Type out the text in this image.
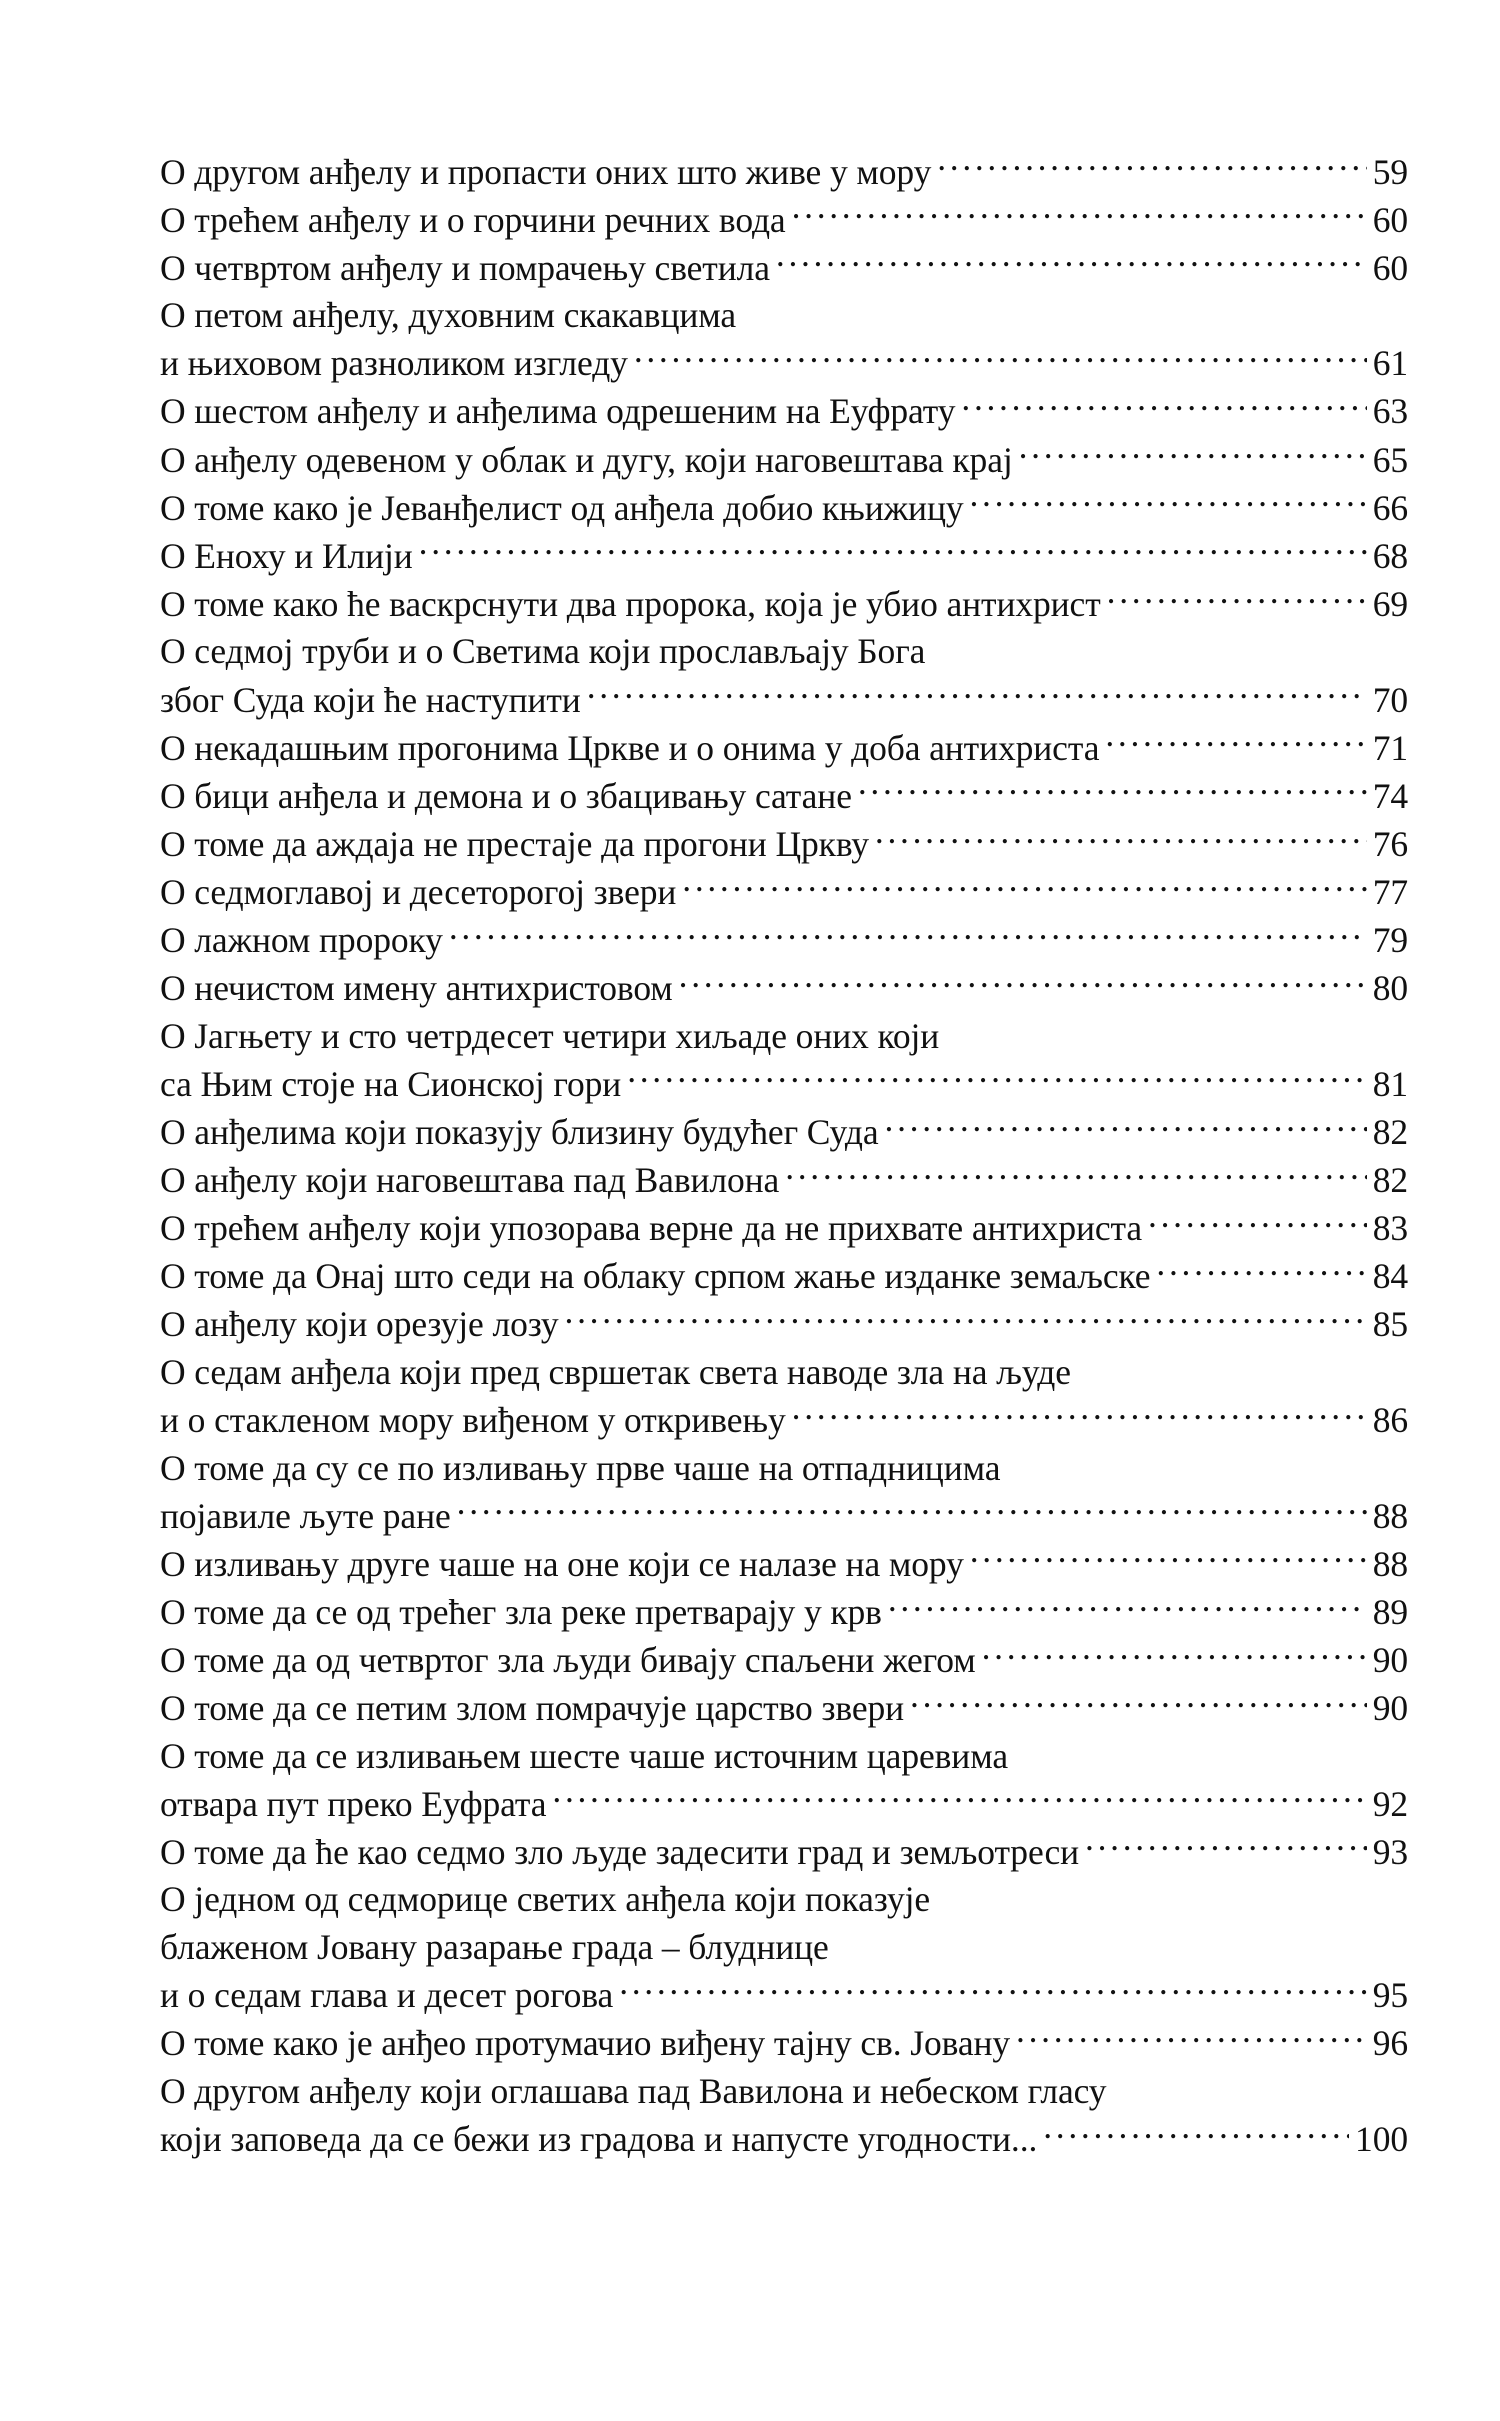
О другом анђелу и пропасти оних што живе у мору . . .	59
О трећем анђелу и о горчини речних вода . . .	60
О четвртом анђелу и помрачењу светила . . .	60
О петом анђелу, духовним скакавцима
и њиховом разноликом изгледу . . .	61
О шестом анђелу и анђелима одрешеним на Еуфрату . . .	63
О анђелу одевеном у облак и дугу, који наговештава крај . . .	65
О томе како је Јеванђелист од анђела добио књижицу . . .	66
О Еноху и Илији . . .	68
О томе како ће васкрснути два пророка, која је убио антихрист . . .	69
О седмој труби и о Светима који прослављају Бога
због Суда који ће наступити . . .	70
О некадашњим прогонима Цркве и о онима у доба антихриста . . .	71
О бици анђела и демона и о збацивању сатане . . .	74
О томе да аждаја не престаје да прогони Цркву . . .	76
О седмоглавој и десеторогој звери . . .	77
О лажном пророку . . .	79
О нечистом имену антихристовом . . .	80
О Јагњету и сто четрдесет четири хиљаде оних који
са Њим стоје на Сионској гори . . .	81
О анђелима који показују близину будућег Суда . . .	82
О анђелу који наговештава пад Вавилона . . .	82
О трећем анђелу који упозорава верне да не прихвате антихриста . . .	83
О томе да Онај што седи на облаку српом жање изданке земаљске . . .	84
О анђелу који орезује лозу . . .	85
О седам анђела који пред свршетак света наводе зла на људе
и о стакленом мору виђеном у откривењу . . .	86
О томе да су се по изливању прве чаше на отпадницима
појавиле љуте ране . . .	88
О изливању друге чаше на оне који се налазе на мору . . .	88
О томе да се од трећег зла реке претварају у крв . . .	89
О томе да од четвртог зла људи бивају спаљени жегом . . .	90
О томе да се петим злом помрачује царство звери . . .	90
О томе да се изливањем шесте чаше источним царевима
отвара пут преко Еуфрата . . .	92
О томе да ће као седмо зло људе задесити град и земљотреси . . .	93
О једном од седморице светих анђела који показује
блаженом Јовану разарање града – блуднице
и о седам глава и десет рогова . . .	95
О томе како је анђео протумачио виђену тајну св. Јовану . . .	96
О другом анђелу који оглашава пад Вавилона и небеском гласу
који заповеда да се бежи из градова и напусте угодности... . . .	100
